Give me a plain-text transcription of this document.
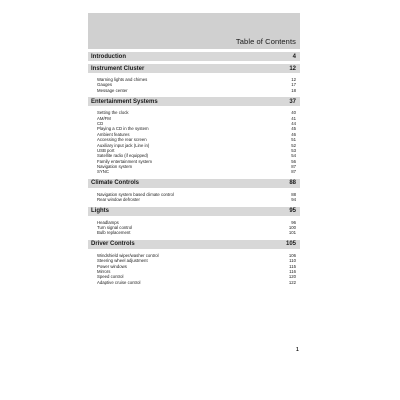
Table of Contents
Introduction	4
Instrument Cluster	12
Warning lights and chimes	12
Gauges	17
Message center	18
Entertainment Systems	37
Setting the clock	40
AM/FM	41
CD	44
Playing a CD in the system	45
Ambient features	46
Accessing the rear screen	51
Auxiliary input jack (Line in)	52
USB port	53
Satellite radio (if equipped)	54
Family entertainment system	56
Navigation system	87
SYNC	87
Climate Controls	88
Navigation system based climate control	88
Rear window defroster	94
Lights	95
Headlamps	96
Turn signal control	100
Bulb replacement	101
Driver Controls	105
Windshield wiper/washer control	106
Steering wheel adjustment	110
Power windows	115
Mirrors	116
Speed control	120
Adaptive cruise control	122
1
